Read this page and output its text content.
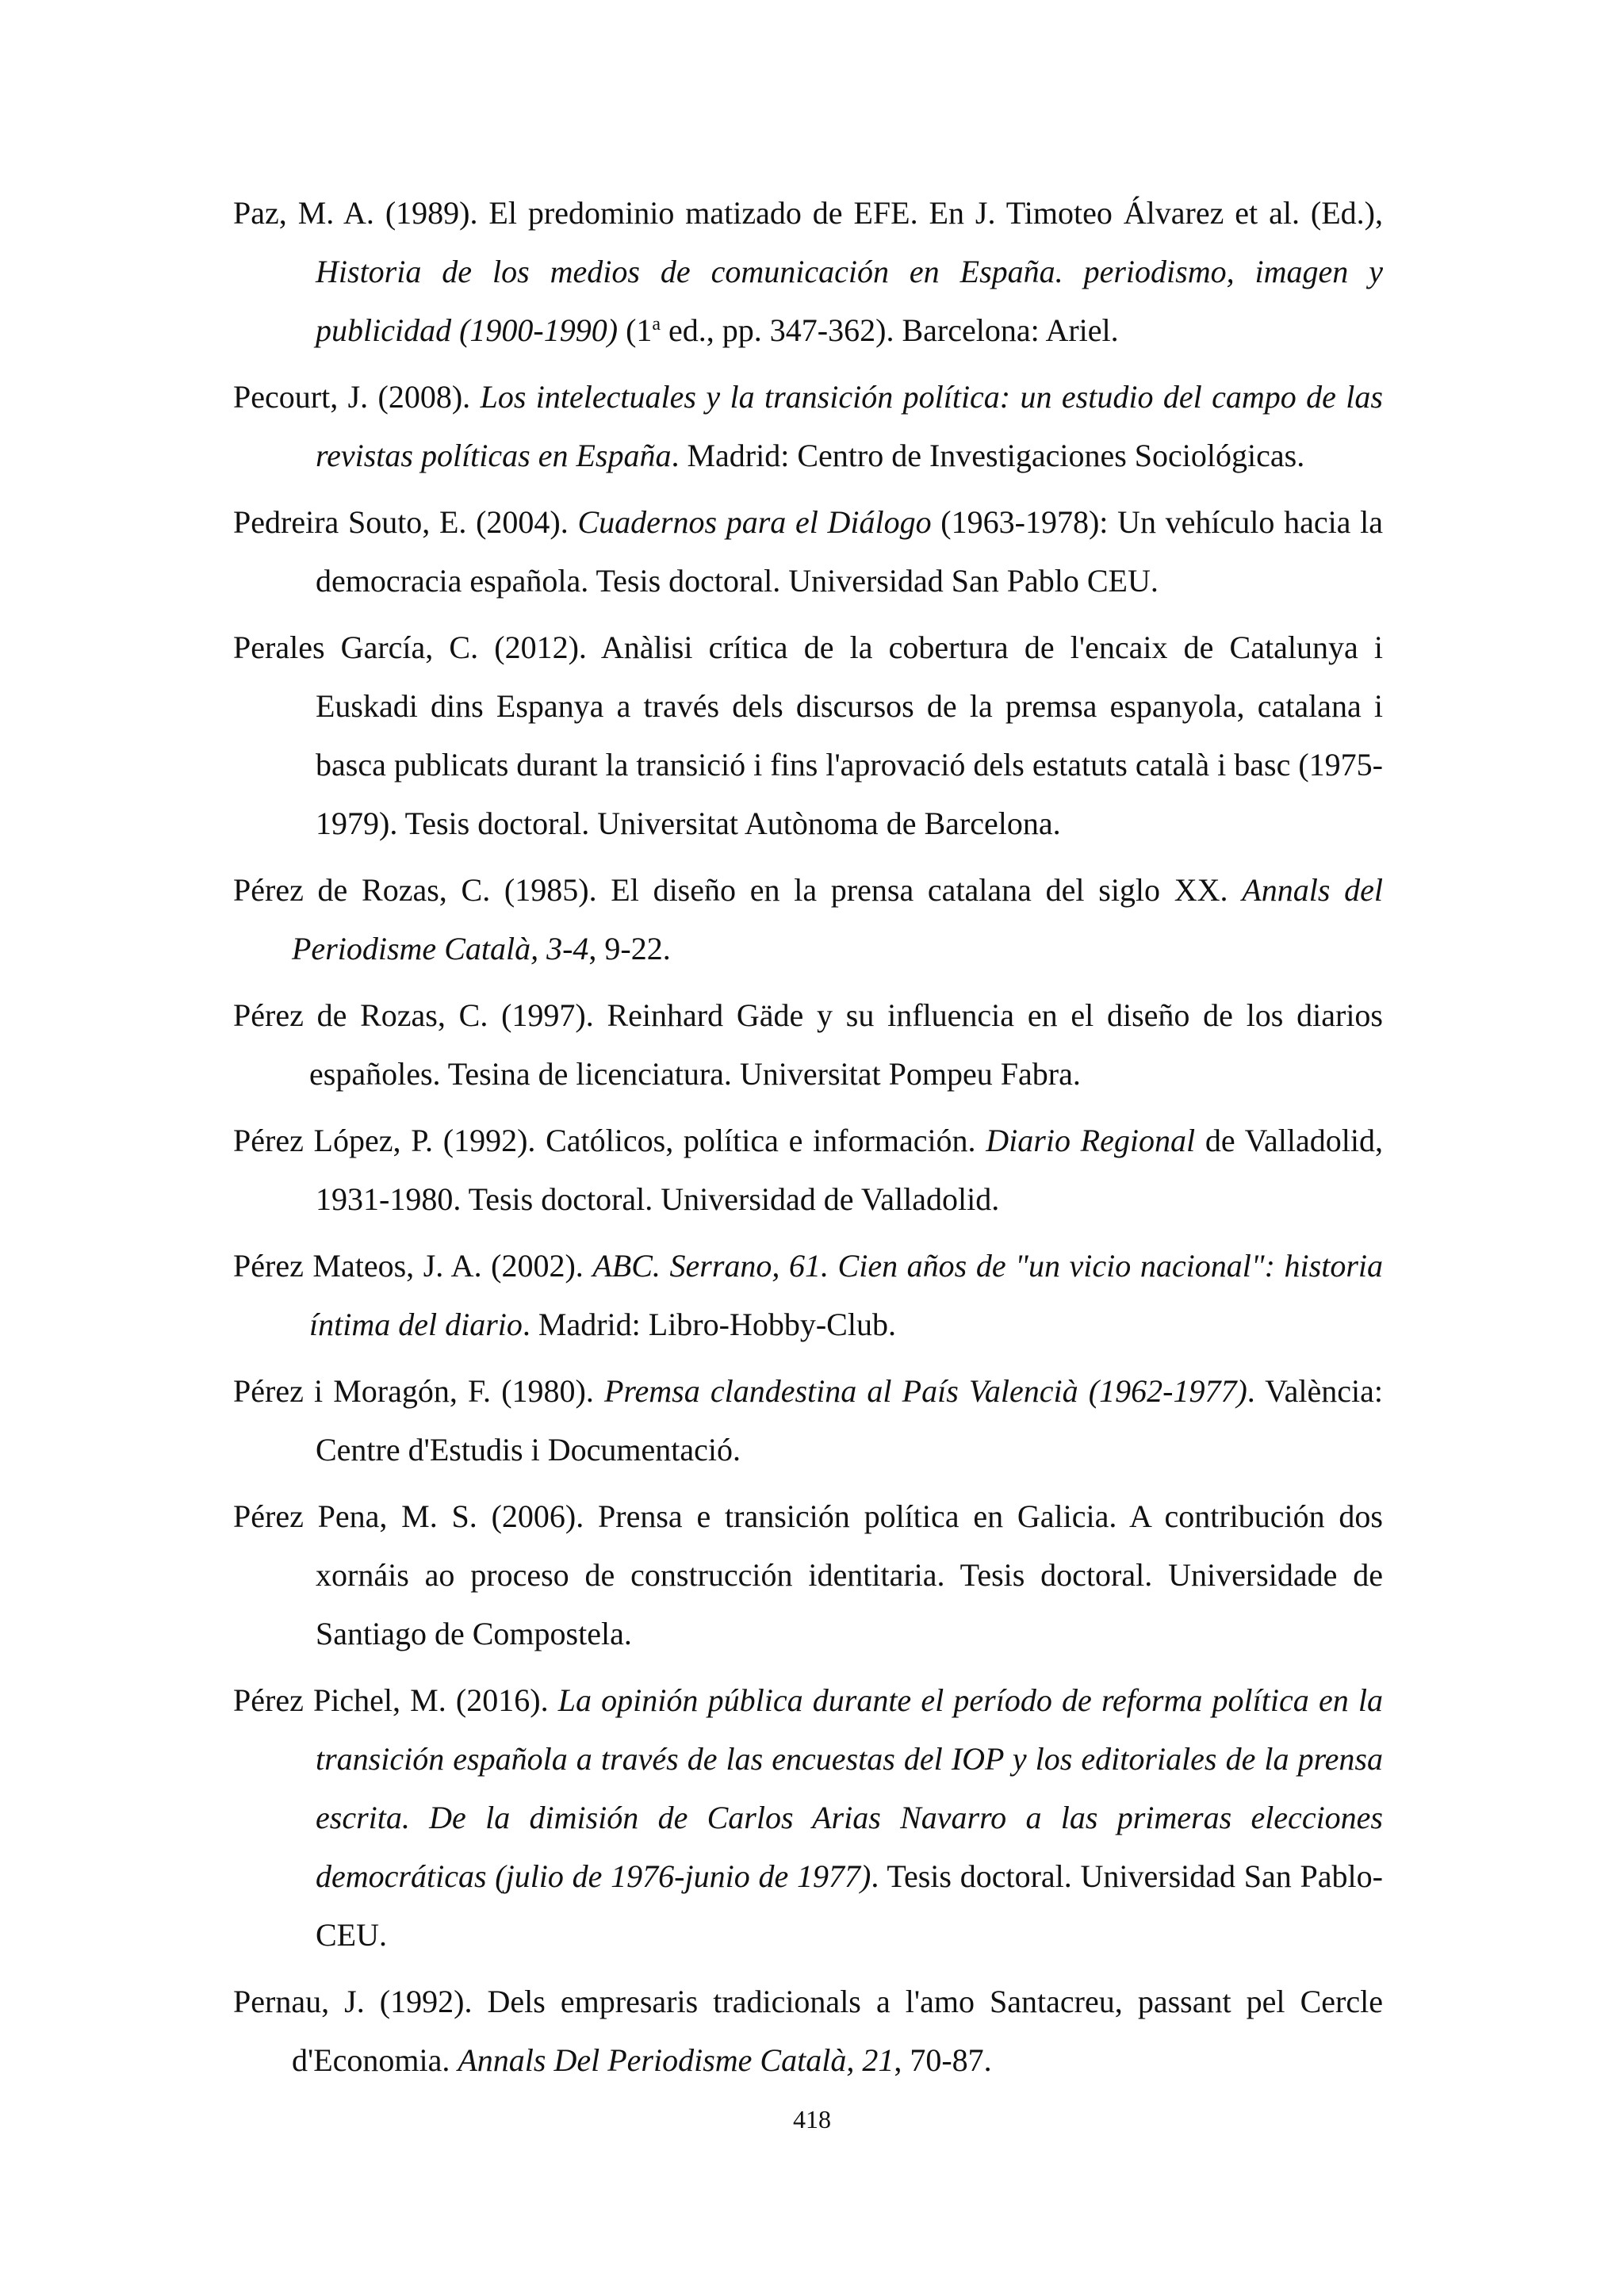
Paz, M. A. (1989). El predominio matizado de EFE. En J. Timoteo Álvarez et al. (Ed.), Historia de los medios de comunicación en España. periodismo, imagen y publicidad (1900-1990) (1$^a$ ed., pp. 347-362). Barcelona: Ariel.
Pecourt, J. (2008). Los intelectuales y la transición política: un estudio del campo de las revistas políticas en España. Madrid: Centro de Investigaciones Sociológicas.
Pedreira Souto, E. (2004). Cuadernos para el Diálogo (1963-1978): Un vehículo hacia la democracia española. Tesis doctoral. Universidad San Pablo CEU.
Perales García, C. (2012). Anàlisi crítica de la cobertura de l'encaix de Catalunya i Euskadi dins Espanya a través dels discursos de la premsa espanyola, catalana i basca publicats durant la transició i fins l'aprovació dels estatuts català i basc (1975-1979). Tesis doctoral. Universitat Autònoma de Barcelona.
Pérez de Rozas, C. (1985). El diseño en la prensa catalana del siglo XX. Annals del Periodisme Català, 3-4, 9-22.
Pérez de Rozas, C. (1997). Reinhard Gäde y su influencia en el diseño de los diarios españoles. Tesina de licenciatura. Universitat Pompeu Fabra.
Pérez López, P. (1992). Católicos, política e información. Diario Regional de Valladolid, 1931-1980. Tesis doctoral. Universidad de Valladolid.
Pérez Mateos, J. A. (2002). ABC. Serrano, 61. Cien años de "un vicio nacional": historia íntima del diario. Madrid: Libro-Hobby-Club.
Pérez i Moragón, F. (1980). Premsa clandestina al País Valencià (1962-1977). València: Centre d'Estudis i Documentació.
Pérez Pena, M. S. (2006). Prensa e transición política en Galicia. A contribución dos xornáis ao proceso de construcción identitaria. Tesis doctoral. Universidade de Santiago de Compostela.
Pérez Pichel, M. (2016). La opinión pública durante el período de reforma política en la transición española a través de las encuestas del IOP y los editoriales de la prensa escrita. De la dimisión de Carlos Arias Navarro a las primeras elecciones democráticas (julio de 1976-junio de 1977). Tesis doctoral. Universidad San Pablo-CEU.
Pernau, J. (1992). Dels empresaris tradicionals a l'amo Santacreu, passant pel Cercle d'Economia. Annals Del Periodisme Català, 21, 70-87.
418
